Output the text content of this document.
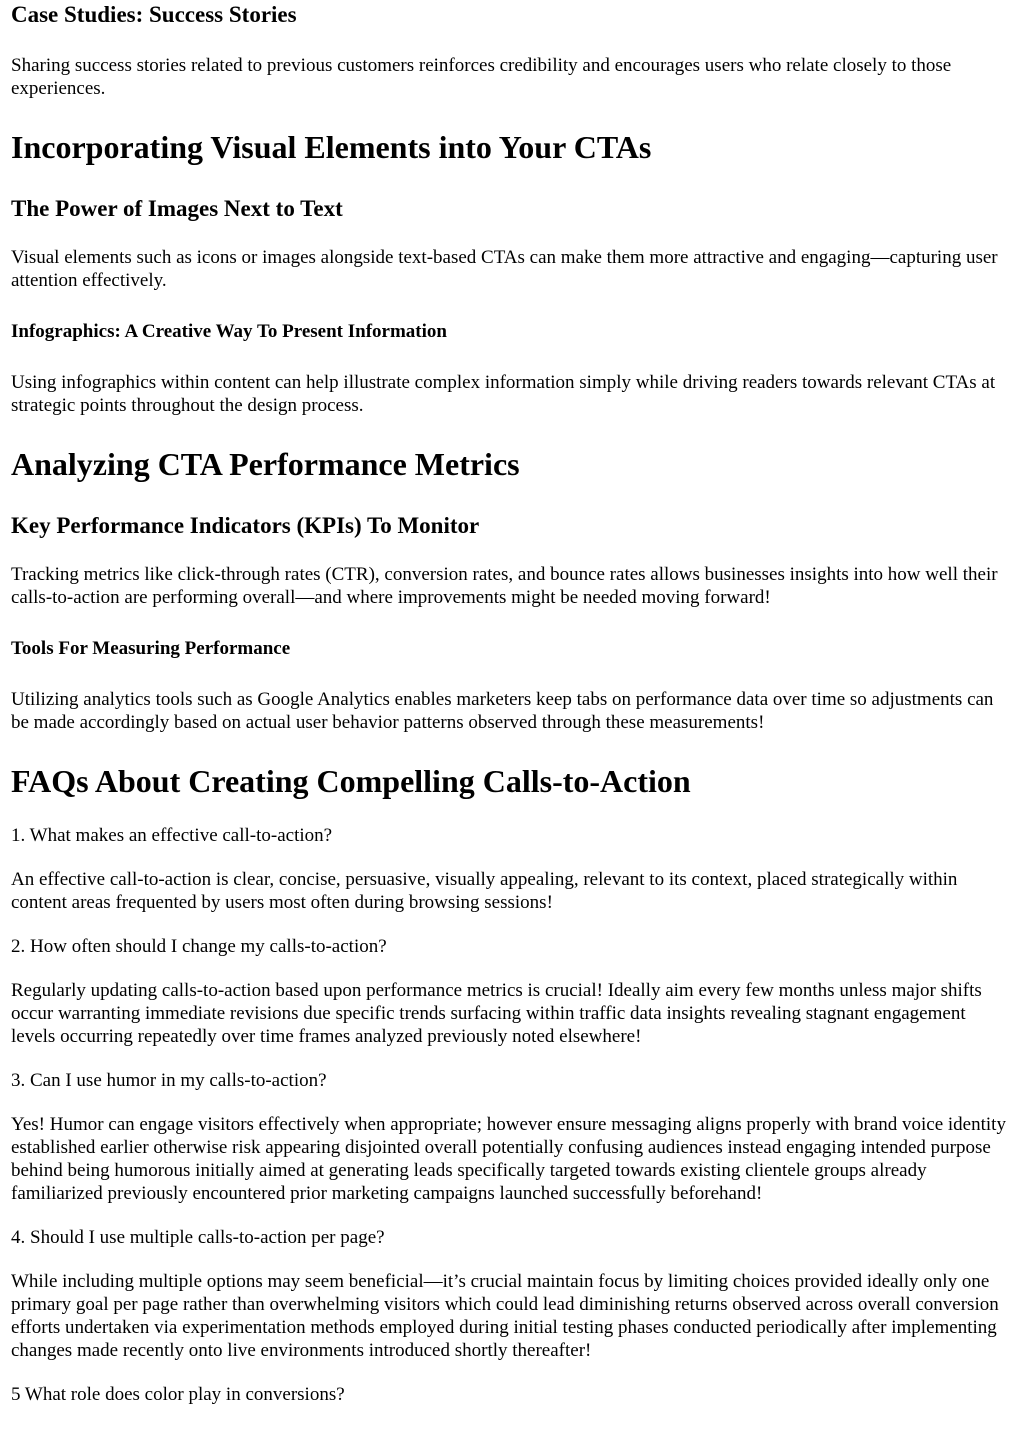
Case Studies: Success Stories

Sharing success stories related to previous customers reinforces credibility and encourages users who relate closely to those experiences.

Incorporating Visual Elements into Your CTAs
The Power of Images Next to Text

Visual elements such as icons or images alongside text-based CTAs can make them more attractive and engaging—capturing user attention effectively.

Infographics: A Creative Way To Present Information

Using infographics within content can help illustrate complex information simply while driving readers towards relevant CTAs at strategic points throughout the design process.

Analyzing CTA Performance Metrics
Key Performance Indicators (KPIs) To Monitor

Tracking metrics like click-through rates (CTR), conversion rates, and bounce rates allows businesses insights into how well their calls-to-action are performing overall—and where improvements might be needed moving forward!

Tools For Measuring Performance

Utilizing analytics tools such as Google Analytics enables marketers keep tabs on performance data over time so adjustments can be made accordingly based on actual user behavior patterns observed through these measurements!

FAQs About Creating Compelling Calls-to-Action

1. What makes an effective call-to-action?

An effective call-to-action is clear, concise, persuasive, visually appealing, relevant to its context, placed strategically within content areas frequented by users most often during browsing sessions!

2. How often should I change my calls-to-action?

Regularly updating calls-to-action based upon performance metrics is crucial! Ideally aim every few months unless major shifts occur warranting immediate revisions due specific trends surfacing within traffic data insights revealing stagnant engagement levels occurring repeatedly over time frames analyzed previously noted elsewhere!

3. Can I use humor in my calls-to-action?

Yes! Humor can engage visitors effectively when appropriate; however ensure messaging aligns properly with brand voice identity established earlier otherwise risk appearing disjointed overall potentially confusing audiences instead engaging intended purpose behind being humorous initially aimed at generating leads specifically targeted towards existing clientele groups already familiarized previously encountered prior marketing campaigns launched successfully beforehand!

4. Should I use multiple calls-to-action per page?

While including multiple options may seem beneficial—it’s crucial maintain focus by limiting choices provided ideally only one primary goal per page rather than overwhelming visitors which could lead diminishing returns observed across overall conversion efforts undertaken via experimentation methods employed during initial testing phases conducted periodically after implementing changes made recently onto live environments introduced shortly thereafter!

5 What role does color play in conversions?
